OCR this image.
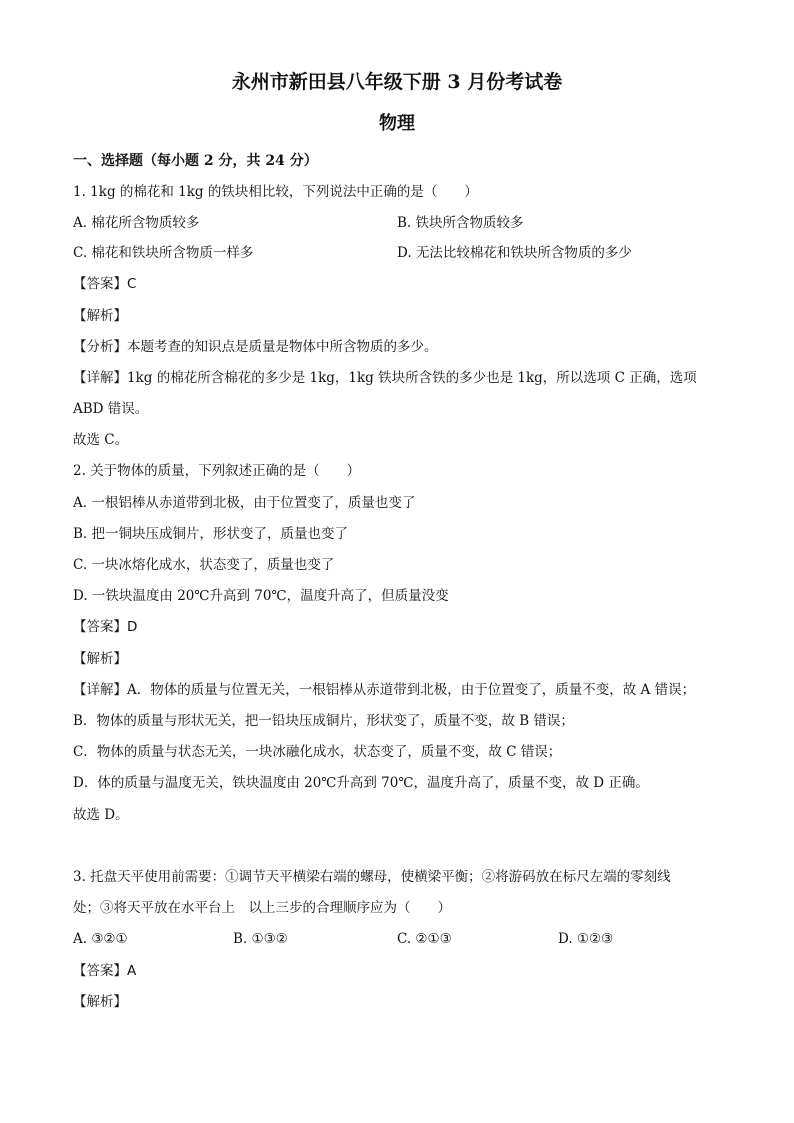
永州市新田县八年级下册 3 月份考试卷
物理
一、选择题（每小题 2 分，共 24 分）
1. 1kg 的棉花和 1kg 的铁块相比较，下列说法中正确的是（　　）
A. 棉花所含物质较多	B. 铁块所含物质较多
C. 棉花和铁块所含物质一样多	D. 无法比较棉花和铁块所含物质的多少
【答案】C
【解析】
【分析】本题考查的知识点是质量是物体中所含物质的多少。
【详解】1kg 的棉花所含棉花的多少是 1kg，1kg 铁块所含铁的多少也是 1kg，所以选项 C 正确，选项
ABD 错误。
故选 C。
2. 关于物体的质量，下列叙述正确的是（　　）
A. 一根铝棒从赤道带到北极，由于位置变了，质量也变了
B. 把一铜块压成铜片，形状变了，质量也变了
C. 一块冰熔化成水，状态变了，质量也变了
D. 一铁块温度由 20℃升高到 70℃，温度升高了，但质量没变
【答案】D
【解析】
【详解】A．物体的质量与位置无关，一根铝棒从赤道带到北极，由于位置变了，质量不变，故 A 错误；
B．物体的质量与形状无关，把一铅块压成铜片，形状变了，质量不变，故 B 错误；
C．物体的质量与状态无关，一块冰融化成水，状态变了，质量不变，故 C 错误；
D．体的质量与温度无关，铁块温度由 20℃升高到 70℃，温度升高了，质量不变，故 D 正确。
故选 D。
3. 托盘天平使用前需要：①调节天平横梁右端的螺母，使横梁平衡；②将游码放在标尺左端的零刻线
处；③将天平放在水平台上　以上三步的合理顺序应为（　　）
A. ③②①	B. ①③②	C. ②①③	D. ①②③
【答案】A
【解析】
